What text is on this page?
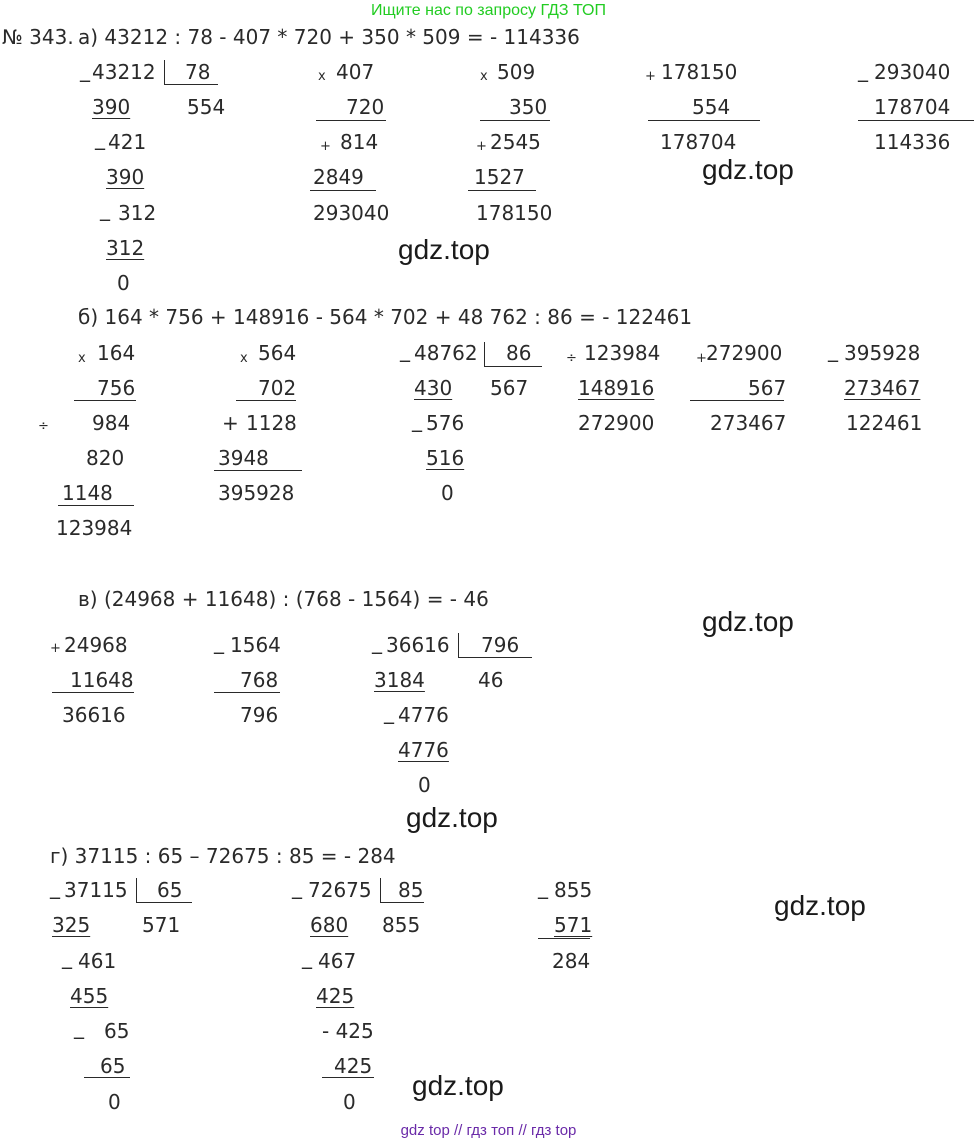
Ищите нас по запросу ГДЗ ТОП
№ 343. а) 43212 : 78 - 407 * 720 + 350 * 509 = - 114336
_ 43212 78
390	554
_ 421
390
_ 312
312
0
x 407
720
+ 814
2849
293040
x 509
350
+ 2545
1527
178150
+ 178150
554
178704
_ 293040
178704
114336
gdz.top
gdz.top
б) 164 * 756 + 148916 - 564 * 702 + 48 762 : 86 = - 122461
x 164
756
÷ 984
820
1148
123984
x 564
702
+ 1128
3948
395928
_ 48762 86
430 567
_ 576
516
0
÷ 123984
148916
272900
+ 272900
567
273467
_ 395928
273467
122461
в) (24968 + 11648) : (768 - 1564) = - 46
gdz.top
+ 24968
11648
36616
_ 1564
768
796
_ 36616 796
3184	46
_ 4776
4776
0
gdz.top
г) 37115 : 65 – 72675 : 85 = - 284
gdz.top
_ 37115 65
325	571
_ 461
455
_ 65
65
0
_ 72675 85
680 855
_ 467
425
- 425
425
0
_ 855
571
284
gdz.top
gdz top // гдз топ // гдз top
